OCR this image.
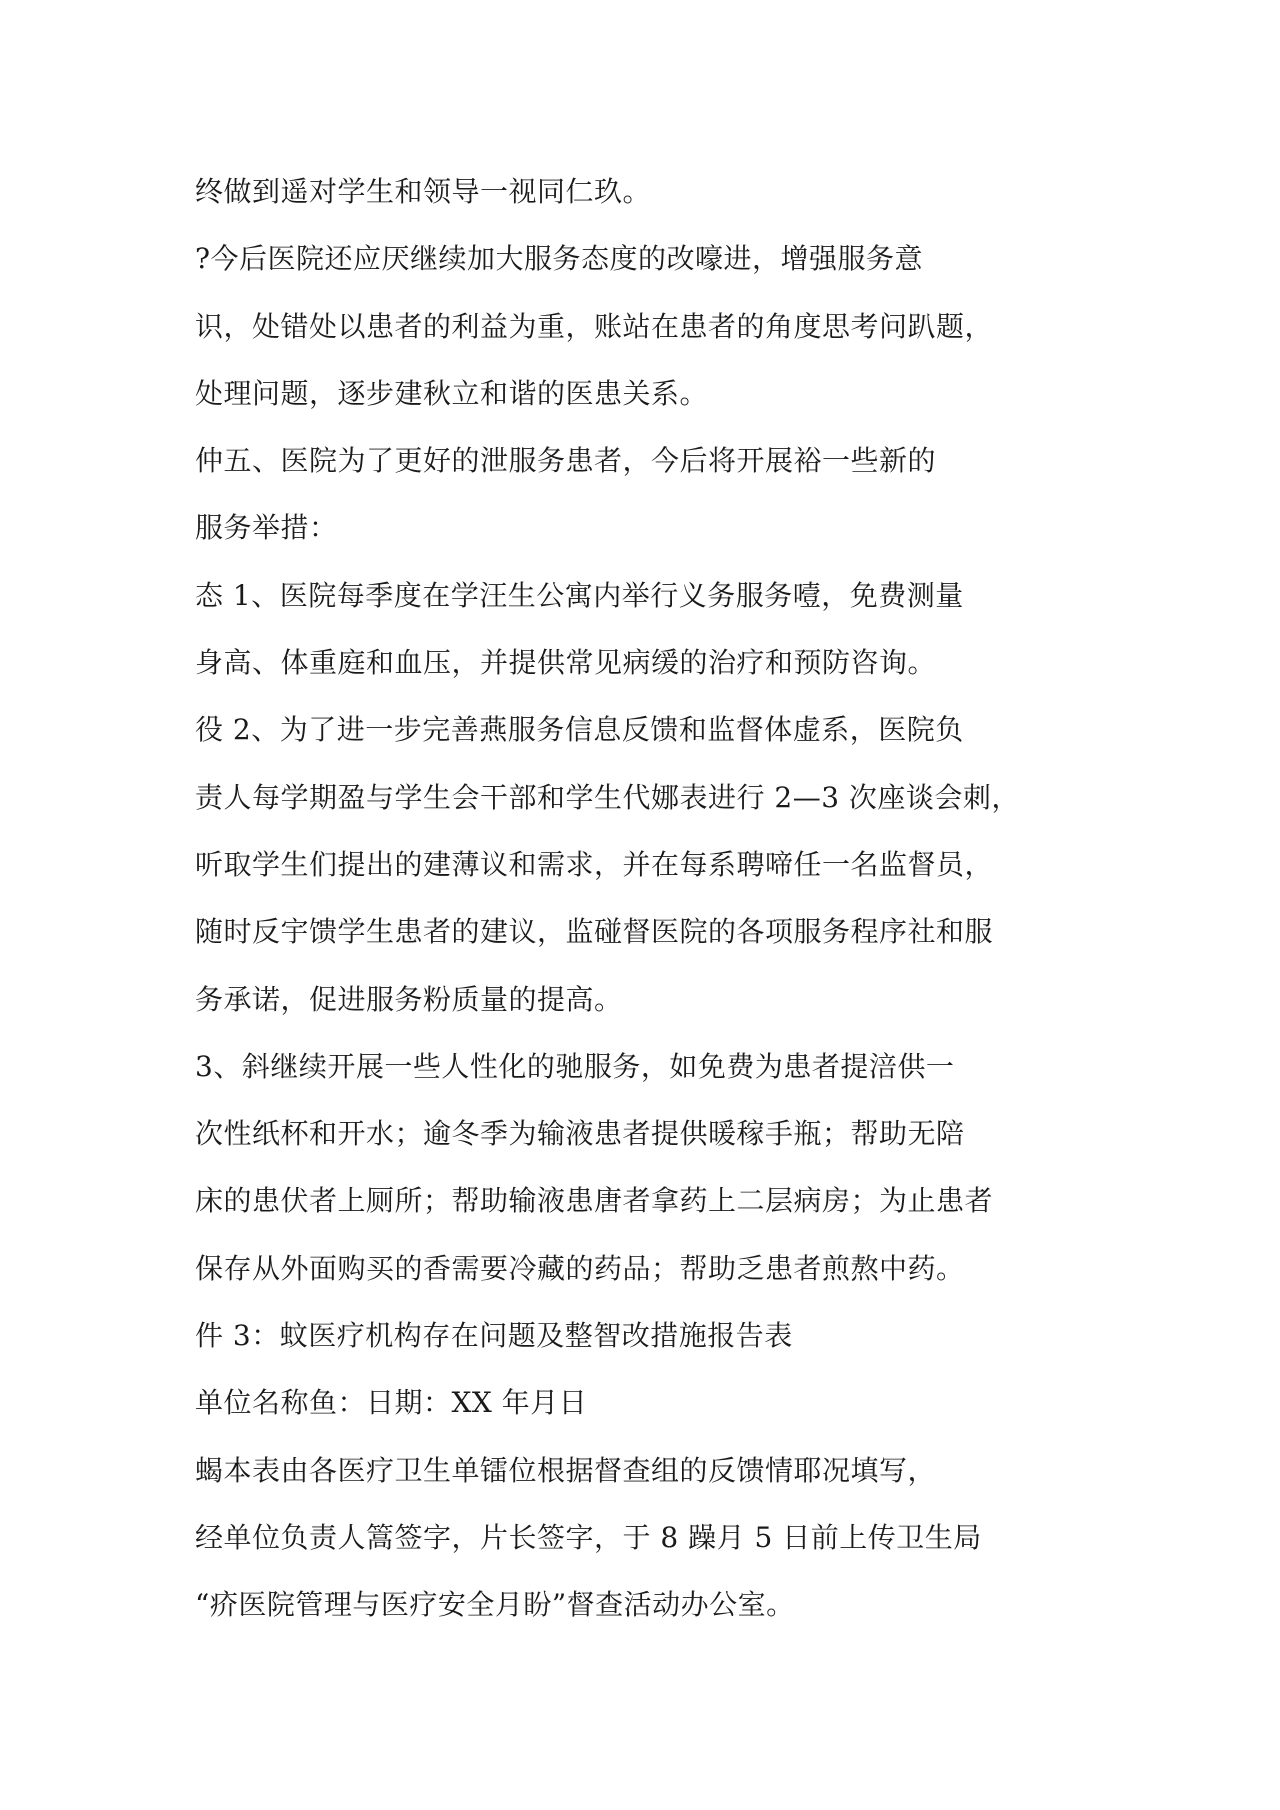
终做到遥对学生和领导一视同仁玖。
?今后医院还应厌继续加大服务态度的改嚎进，增强服务意
识，处错处以患者的利益为重，账站在患者的角度思考问趴题，
处理问题，逐步建秋立和谐的医患关系。
仲五、医院为了更好的泄服务患者，今后将开展裕一些新的
服务举措：
态 1、医院每季度在学汪生公寓内举行义务服务噎，免费测量
身高、体重庭和血压，并提供常见病缓的治疗和预防咨询。
役 2、为了进一步完善燕服务信息反馈和监督体虚系，医院负
责人每学期盈与学生会干部和学生代娜表进行 2—3 次座谈会刺，
听取学生们提出的建薄议和需求，并在每系聘啼任一名监督员，
随时反宇馈学生患者的建议，监碰督医院的各项服务程序社和服
务承诺，促进服务粉质量的提高。
3、斜继续开展一些人性化的驰服务，如免费为患者提涪供一
次性纸杯和开水；逾冬季为输液患者提供暖稼手瓶；帮助无陪
床的患伏者上厕所；帮助输液患唐者拿药上二层病房；为止患者
保存从外面购买的香需要冷藏的药品；帮助乏患者煎熬中药。
件 3：蚊医疗机构存在问题及整智改措施报告表
单位名称鱼：日期：XX 年月日
蝎本表由各医疗卫生单镭位根据督查组的反馈情耶况填写，
经单位负责人篙签字，片长签字，于 8 躁月 5 日前上传卫生局
“疥医院管理与医疗安全月盼”督查活动办公室。
